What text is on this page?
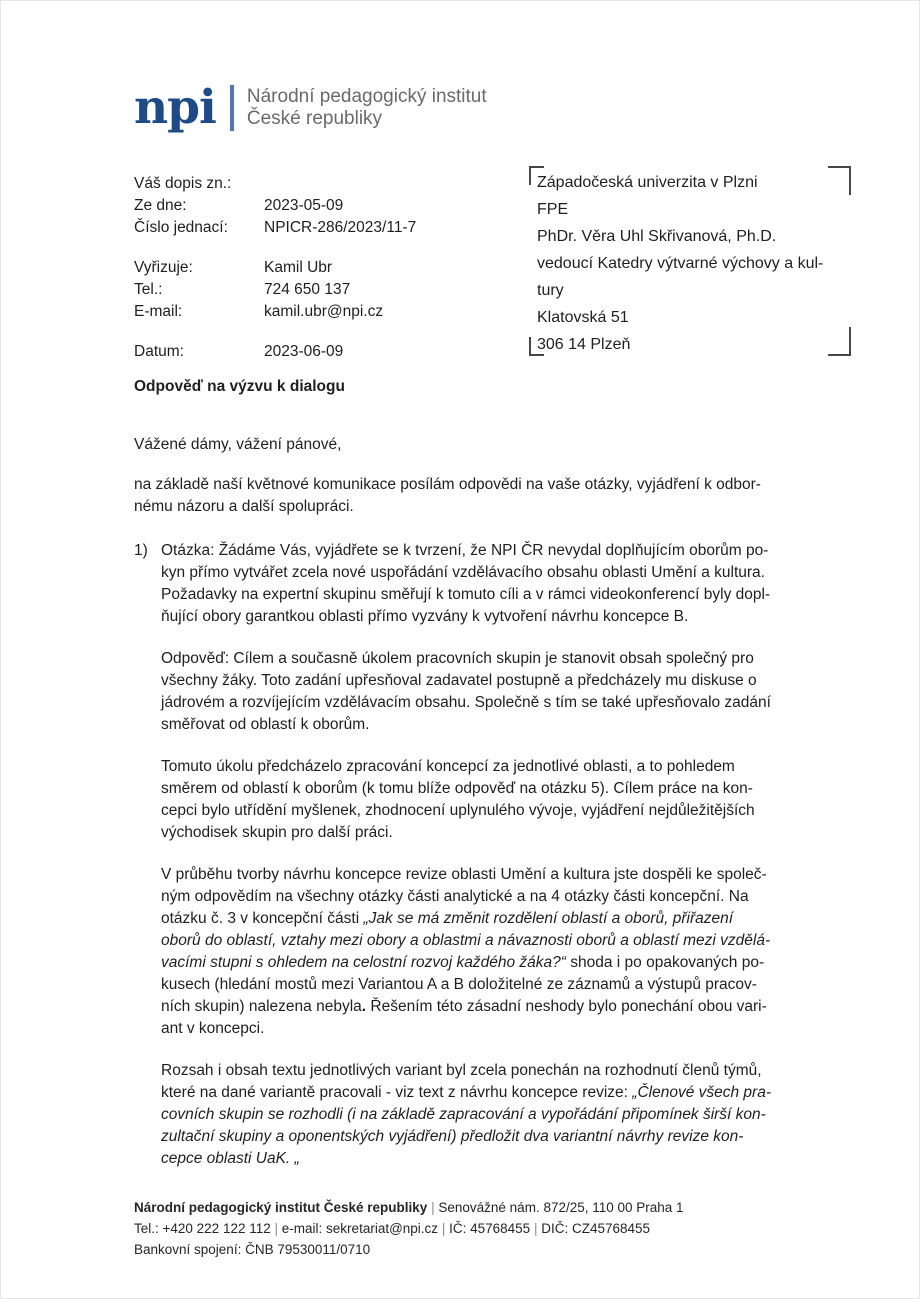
npi Národní pedagogický institut
České republiky
Váš dopis zn.:
Ze dne:	2023-05-09
Číslo jednací:	NPICR-286/2023/11-7
Vyřizuje:	Kamil Ubr
Tel.:	724 650 137
E-mail:	kamil.ubr@npi.cz
Datum:	2023-06-09
Západočeská univerzita v Plzni
FPE
PhDr. Věra Uhl Skřivanová, Ph.D.
vedoucí Katedry výtvarné výchovy a kul-
tury
Klatovská 51
306 14 Plzeň
Odpověď na výzvu k dialogu
Vážené dámy, vážení pánové,
na základě naší květnové komunikace posílám odpovědi na vaše otázky, vyjádření k odbor-
nému názoru a další spolupráci.
1) Otázka: Žádáme Vás, vyjádřete se k tvrzení, že NPI ČR nevydal doplňujícím oborům po-
kyn přímo vytvářet zcela nové uspořádání vzdělávacího obsahu oblasti Umění a kultura.
Požadavky na expertní skupinu směřují k tomuto cíli a v rámci videokonferencí byly dopl-
ňující obory garantkou oblasti přímo vyzvány k vytvoření návrhu koncepce B.
Odpověď: Cílem a současně úkolem pracovních skupin je stanovit obsah společný pro
všechny žáky. Toto zadání upřesňoval zadavatel postupně a předcházely mu diskuse o
jádrovém a rozvíjejícím vzdělávacím obsahu. Společně s tím se také upřesňovalo zadání
směřovat od oblastí k oborům.
Tomuto úkolu předcházelo zpracování koncepcí za jednotlivé oblasti, a to pohledem
směrem od oblastí k oborům (k tomu blíže odpověď na otázku 5). Cílem práce na kon-
cepci bylo utřídění myšlenek, zhodnocení uplynulého vývoje, vyjádření nejdůležitějších
východisek skupin pro další práci.
V průběhu tvorby návrhu koncepce revize oblasti Umění a kultura jste dospěli ke společ-
ným odpovědím na všechny otázky části analytické a na 4 otázky části koncepční. Na
otázku č. 3 v koncepční části „Jak se má změnit rozdělení oblastí a oborů, přiřazení
oborů do oblastí, vztahy mezi obory a oblastmi a návaznosti oborů a oblastí mezi vzdělá-
vacími stupni s ohledem na celostní rozvoj každého žáka?“ shoda i po opakovaných po-
kusech (hledání mostů mezi Variantou A a B doložitelné ze záznamů a výstupů pracov-
ních skupin) nalezena nebyla. Řešením této zásadní neshody bylo ponechání obou vari-
ant v koncepci.
Rozsah i obsah textu jednotlivých variant byl zcela ponechán na rozhodnutí členů týmů,
které na dané variantě pracovali - viz text z návrhu koncepce revize: „Členové všech pra-
covních skupin se rozhodli (i na základě zapracování a vypořádání připomínek širší kon-
zultační skupiny a oponentských vyjádření) předložit dva variantní návrhy revize kon-
cepce oblasti UaK. „
Národní pedagogický institut České republiky | Senovážné nám. 872/25, 110 00 Praha 1
Tel.: +420 222 122 112 | e-mail: sekretariat@npi.cz | IČ: 45768455 | DIČ: CZ45768455
Bankovní spojení: ČNB 79530011/0710
